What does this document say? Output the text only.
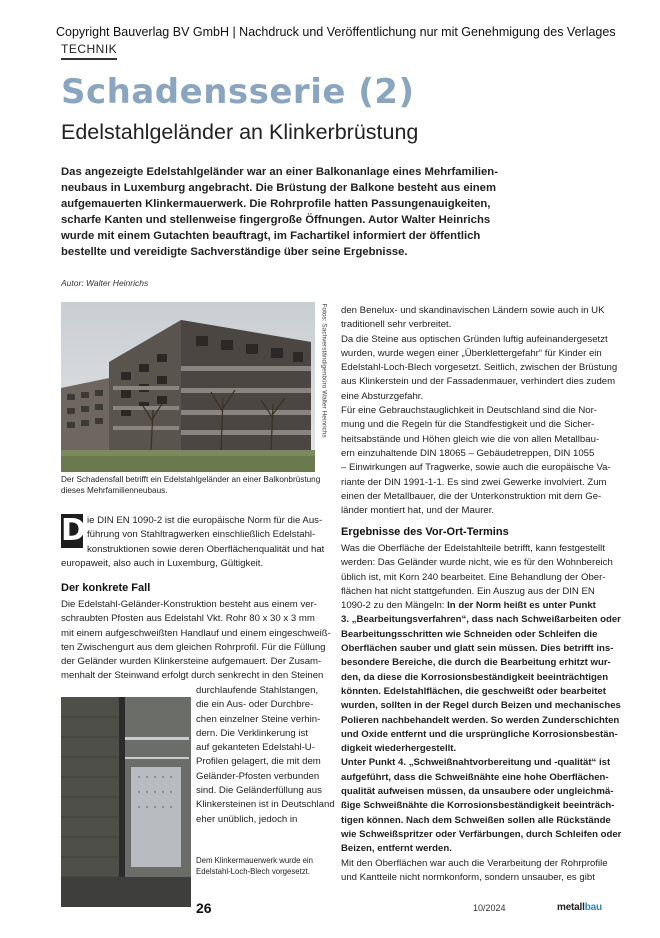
Copyright Bauverlag BV GmbH | Nachdruck und Veröffentlichung nur mit Genehmigung des Verlages
TECHNIK
Schadensserie (2)
Edelstahlgeländer an Klinkerbrüstung
Das angezeigte Edelstahlgeländer war an einer Balkonanlage eines Mehrfamilien-
neubaus in Luxemburg angebracht. Die Brüstung der Balkone besteht aus einem
aufgemauerten Klinkermauerwerk. Die Rohrprofile hatten Passungenauigkeiten,
scharfe Kanten und stellenweise fingergroße Öffnungen. Autor Walter Heinrichs
wurde mit einem Gutachten beauftragt, im Fachartikel informiert der öffentlich
bestellte und vereidigte Sachverständige über seine Ergebnisse.
Autor: Walter Heinrichs
Fotos: Sachverständigenbüro Walter Heinrichs
Der Schadensfall betrifft ein Edelstahlgeländer an einer Balkonbrüstung
dieses Mehrfamilienneubaus.
D ie DIN EN 1090-2 ist die europäische Norm für die Aus-
führung von Stahltragwerken einschließlich Edelstahl-
konstruktionen sowie deren Oberflächenqualität und hat
europaweit, also auch in Luxemburg, Gültigkeit.
Der konkrete Fall
Die Edelstahl-Geländer-Konstruktion besteht aus einem ver-
schraubten Pfosten aus Edelstahl Vkt. Rohr 80 x 30 x 3 mm
mit einem aufgeschweißten Handlauf und einem eingeschweiß-
ten Zwischengurt aus dem gleichen Rohrprofil. Für die Füllung
der Geländer wurden Klinkersteine aufgemauert. Der Zusam-
menhalt der Steinwand erfolgt durch senkrecht in den Steinen
durchlaufende Stahlstangen,
die ein Aus- oder Durchbre-
chen einzelner Steine verhin-
dern. Die Verklinkerung ist
auf gekanteten Edelstahl-U-
Profilen gelagert, die mit dem
Geländer-Pfosten verbunden
sind. Die Geländerfüllung aus
Klinkersteinen ist in Deutschland
eher unüblich, jedoch in
Dem Klinkermauerwerk wurde ein
Edelstahl-Loch-Blech vorgesetzt.
den Benelux- und skandinavischen Ländern sowie auch in UK
traditionell sehr verbreitet.
Da die Steine aus optischen Gründen luftig aufeinandergesetzt
wurden, wurde wegen einer „Überklettergefahr“ für Kinder ein
Edelstahl-Loch-Blech vorgesetzt. Seitlich, zwischen der Brüstung
aus Klinkerstein und der Fassadenmauer, verhindert dies zudem
eine Absturzgefahr.
Für eine Gebrauchstauglichkeit in Deutschland sind die Nor-
mung und die Regeln für die Standfestigkeit und die Sicher-
heitsabstände und Höhen gleich wie die von allen Metallbau-
ern einzuhaltende DIN 18065 – Gebäudetreppen, DIN 1055
– Einwirkungen auf Tragwerke, sowie auch die europäische Va-
riante der DIN 1991-1-1. Es sind zwei Gewerke involviert. Zum
einen der Metallbauer, die der Unterkonstruktion mit dem Ge-
länder montiert hat, und der Maurer.
Ergebnisse des Vor-Ort-Termins
Was die Oberfläche der Edelstahlteile betrifft, kann festgestellt
werden: Das Geländer wurde nicht, wie es für den Wohnbereich
üblich ist, mit Korn 240 bearbeitet. Eine Behandlung der Ober-
flächen hat nicht stattgefunden. Ein Auszug aus der DIN EN
1090-2 zu den Mängeln: In der Norm heißt es unter Punkt
3. „Bearbeitungsverfahren“, dass nach Schweißarbeiten oder
Bearbeitungsschritten wie Schneiden oder Schleifen die
Oberflächen sauber und glatt sein müssen. Dies betrifft ins-
besondere Bereiche, die durch die Bearbeitung erhitzt wur-
den, da diese die Korrosionsbeständigkeit beeinträchtigen
könnten. Edelstahlflächen, die geschweißt oder bearbeitet
wurden, sollten in der Regel durch Beizen und mechanisches
Polieren nachbehandelt werden. So werden Zunderschichten
und Oxide entfernt und die ursprüngliche Korrosionsbestän-
digkeit wiederhergestellt.
Unter Punkt 4. „Schweißnahtvorbereitung und -qualität“ ist
aufgeführt, dass die Schweißnähte eine hohe Oberflächen-
qualität aufweisen müssen, da unsaubere oder ungleichmä-
ßige Schweißnähte die Korrosionsbeständigkeit beeinträch-
tigen können. Nach dem Schweißen sollen alle Rückstände
wie Schweißspritzer oder Verfärbungen, durch Schleifen oder
Beizen, entfernt werden.
Mit den Oberflächen war auch die Verarbeitung der Rohrprofile
und Kantteile nicht normkonform, sondern unsauber, es gibt
26	10/2024	metallbau
